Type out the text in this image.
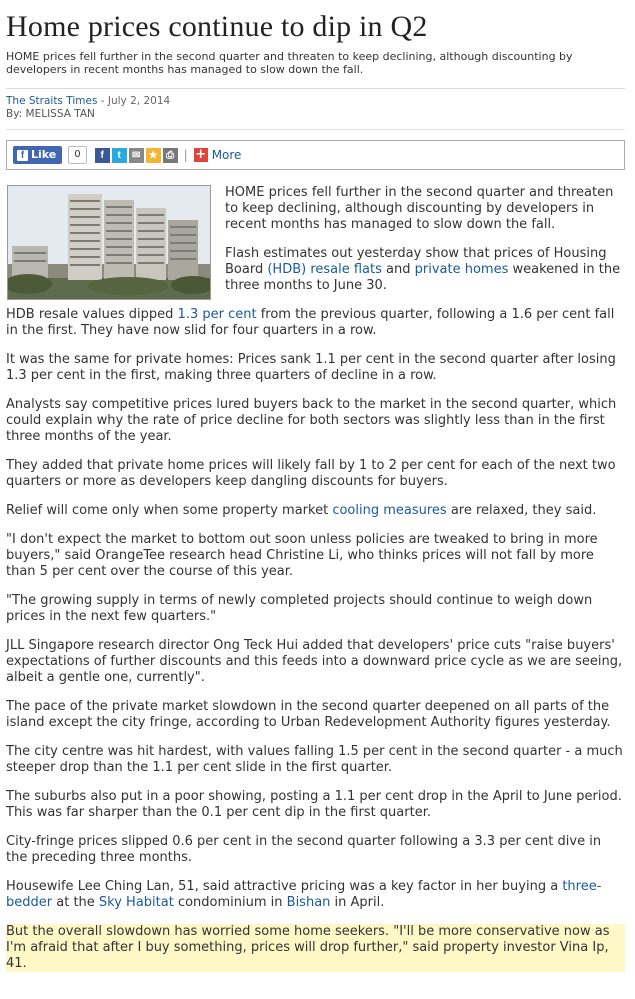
Home prices continue to dip in Q2
HOME prices fell further in the second quarter and threaten to keep declining, although discounting by developers in recent months has managed to slow down the fall.
The Straits Times - July 2, 2014
By: MELISSA TAN
f Like	0	f	t	✉ ★ ⎙ | + More

HOME prices fell further in the second quarter and threaten to keep declining, although discounting by developers in recent months has managed to slow down the fall.

Flash estimates out yesterday show that prices of Housing Board (HDB) resale flats and private homes weakened in the three months to June 30.

HDB resale values dipped 1.3 per cent from the previous quarter, following a 1.6 per cent fall in the first. They have now slid for four quarters in a row.

It was the same for private homes: Prices sank 1.1 per cent in the second quarter after losing 1.3 per cent in the first, making three quarters of decline in a row.

Analysts say competitive prices lured buyers back to the market in the second quarter, which could explain why the rate of price decline for both sectors was slightly less than in the first three months of the year.

They added that private home prices will likely fall by 1 to 2 per cent for each of the next two quarters or more as developers keep dangling discounts for buyers.

Relief will come only when some property market cooling measures are relaxed, they said.

"I don't expect the market to bottom out soon unless policies are tweaked to bring in more buyers," said OrangeTee research head Christine Li, who thinks prices will not fall by more than 5 per cent over the course of this year.

"The growing supply in terms of newly completed projects should continue to weigh down prices in the next few quarters."

JLL Singapore research director Ong Teck Hui added that developers' price cuts "raise buyers' expectations of further discounts and this feeds into a downward price cycle as we are seeing, albeit a gentle one, currently".

The pace of the private market slowdown in the second quarter deepened on all parts of the island except the city fringe, according to Urban Redevelopment Authority figures yesterday.

The city centre was hit hardest, with values falling 1.5 per cent in the second quarter - a much steeper drop than the 1.1 per cent slide in the first quarter.

The suburbs also put in a poor showing, posting a 1.1 per cent drop in the April to June period. This was far sharper than the 0.1 per cent dip in the first quarter.

City-fringe prices slipped 0.6 per cent in the second quarter following a 3.3 per cent dive in the preceding three months.

Housewife Lee Ching Lan, 51, said attractive pricing was a key factor in her buying a three-bedder at the Sky Habitat condominium in Bishan in April.

But the overall slowdown has worried some home seekers. "I'll be more conservative now as I'm afraid that after I buy something, prices will drop further," said property investor Vina Ip, 41.
